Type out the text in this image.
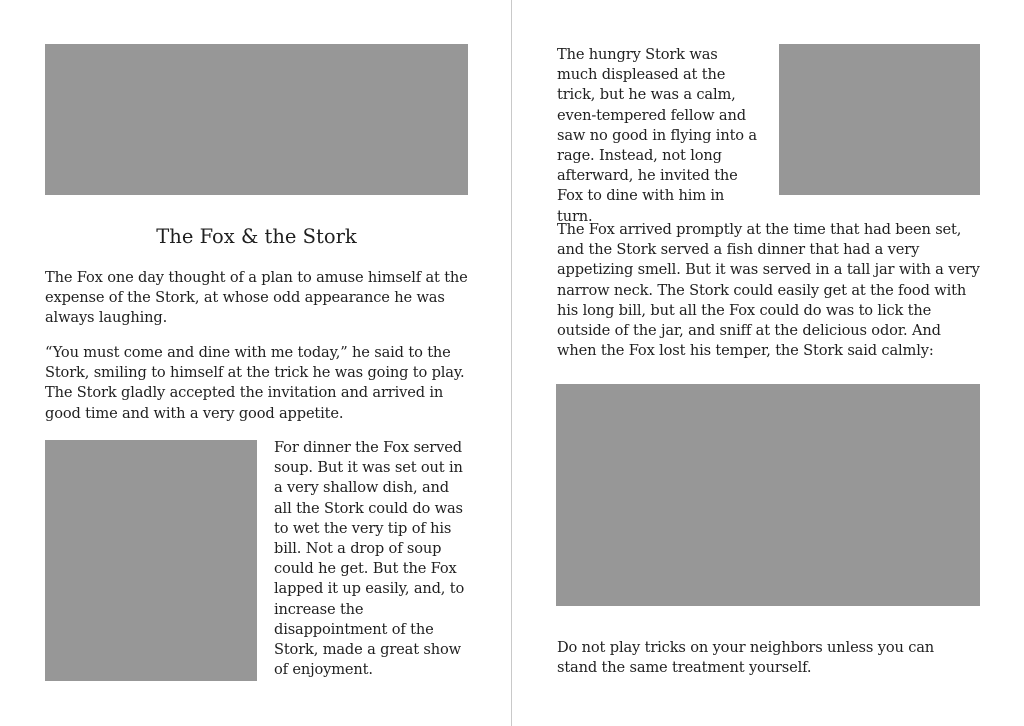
The Fox & the Stork

The Fox one day thought of a plan to amuse himself at the expense of the Stork, at whose odd appearance he was always laughing.

“You must come and dine with me today,” he said to the Stork, smiling to himself at the trick he was going to play. The Stork gladly accepted the invitation and arrived in good time and with a very good appetite.

For dinner the Fox served soup. But it was set out in a very shallow dish, and all the Stork could do was to wet the very tip of his bill. Not a drop of soup could he get. But the Fox lapped it up easily, and, to increase the disappointment of the Stork, made a great show of enjoyment.

The hungry Stork was much displeased at the trick, but he was a calm, even-tempered fellow and saw no good in flying into a rage. Instead, not long afterward, he invited the Fox to dine with him in turn.

The Fox arrived promptly at the time that had been set, and the Stork served a fish dinner that had a very appetizing smell. But it was served in a tall jar with a very narrow neck. The Stork could easily get at the food with his long bill, but all the Fox could do was to lick the outside of the jar, and sniff at the delicious odor. And when the Fox lost his temper, the Stork said calmly:

Do not play tricks on your neighbors unless you can stand the same treatment yourself.
